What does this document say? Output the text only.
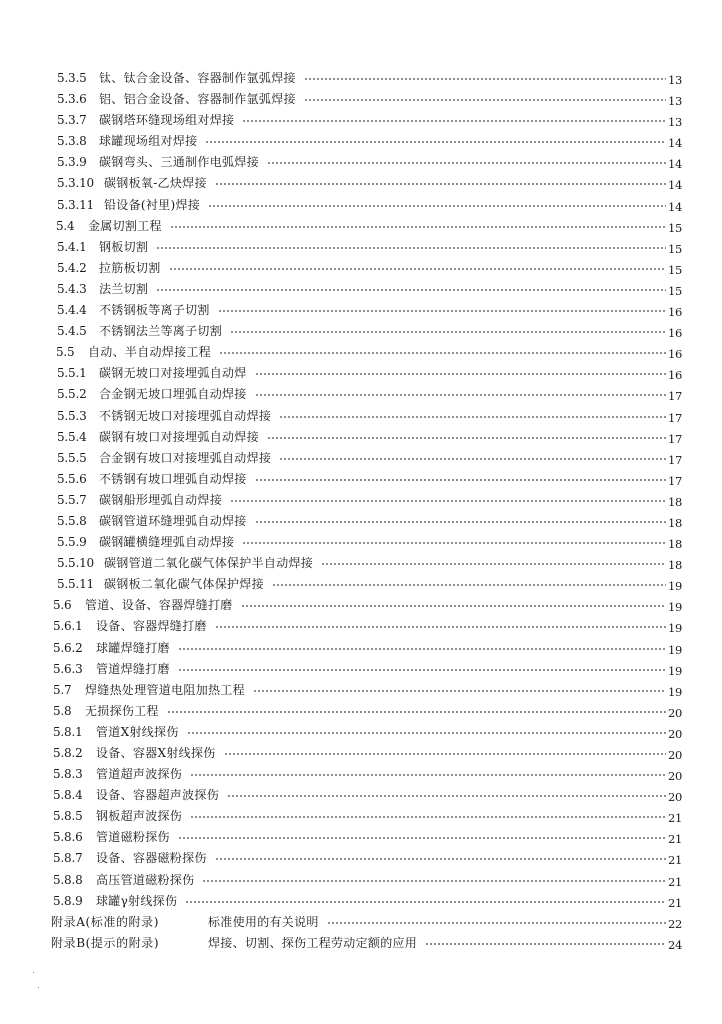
5.3.5 钛、钛合金设备、容器制作氩弧焊接	13
5.3.6 铝、铝合金设备、容器制作氩弧焊接	13
5.3.7 碳钢塔环缝现场组对焊接	13
5.3.8 球罐现场组对焊接	14
5.3.9 碳钢弯头、三通制作电弧焊接	14
5.3.10 碳钢板氧-乙炔焊接	14
5.3.11 铅设备(衬里)焊接	14
5.4 金属切割工程	15
5.4.1 钢板切割	15
5.4.2 拉筋板切割	15
5.4.3 法兰切割	15
5.4.4 不锈钢板等离子切割	16
5.4.5 不锈钢法兰等离子切割	16
5.5 自动、半自动焊接工程	16
5.5.1 碳钢无坡口对接埋弧自动焊	16
5.5.2 合金钢无坡口埋弧自动焊接	17
5.5.3 不锈钢无坡口对接埋弧自动焊接	17
5.5.4 碳钢有坡口对接埋弧自动焊接	17
5.5.5 合金钢有坡口对接埋弧自动焊接	17
5.5.6 不锈钢有坡口埋弧自动焊接	17
5.5.7 碳钢船形埋弧自动焊接	18
5.5.8 碳钢管道环缝埋弧自动焊接	18
5.5.9 碳钢罐横缝埋弧自动焊接	18
5.5.10 碳钢管道二氧化碳气体保护半自动焊接	18
5.5.11 碳钢板二氧化碳气体保护焊接	19
5.6 管道、设备、容器焊缝打磨	19
5.6.1 设备、容器焊缝打磨	19
5.6.2 球罐焊缝打磨	19
5.6.3 管道焊缝打磨	19
5.7 焊缝热处理管道电阻加热工程	19
5.8 无损探伤工程	20
5.8.1 管道X射线探伤	20
5.8.2 设备、容器X射线探伤	20
5.8.3 管道超声波探伤	20
5.8.4 设备、容器超声波探伤	20
5.8.5 钢板超声波探伤	21
5.8.6 管道磁粉探伤	21
5.8.7 设备、容器磁粉探伤	21
5.8.8 高压管道磁粉探伤	21
5.8.9 球罐γ射线探伤	21
附录A(标准的附录)	标准使用的有关说明	22
附录B(提示的附录)	焊接、切割、探伤工程劳动定额的应用	24
